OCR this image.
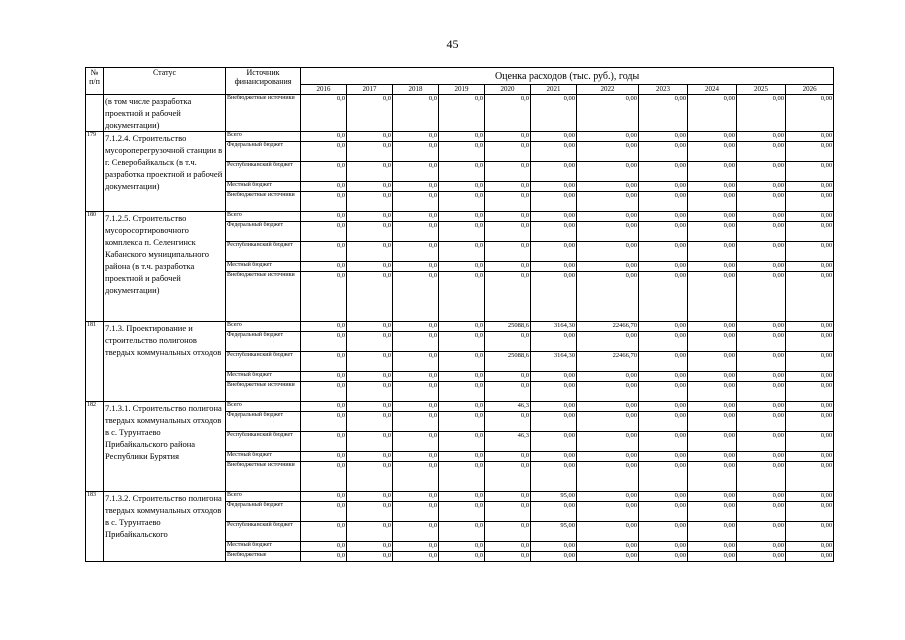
45
№
п/п	Статус	Источник
финансирования	Оценка расходов (тыс. руб.), годы										
			2016	2017	2018	2019	2020	2021	2022	2023	2024	2025	2026
	(в том числе разработка проектной и рабочей документации)	Внебюджетные источники	0,0	0,0	0,0	0,0	0,0	0,00	0,00	0,00	0,00	0,00	0,00
179	7.1.2.4. Строительство мусороперегрузочной станции в г. Северобайкальск (в т.ч. разработка проектной и рабочей документации)	Всего	0,0	0,0	0,0	0,0	0,0	0,00	0,00	0,00	0,00	0,00	0,00
		Федеральный бюджет	0,0	0,0	0,0	0,0	0,0	0,00	0,00	0,00	0,00	0,00	0,00
		Республиканский бюджет	0,0	0,0	0,0	0,0	0,0	0,00	0,00	0,00	0,00	0,00	0,00
		Местный бюджет	0,0	0,0	0,0	0,0	0,0	0,00	0,00	0,00	0,00	0,00	0,00
		Внебюджетные источники	0,0	0,0	0,0	0,0	0,0	0,00	0,00	0,00	0,00	0,00	0,00
180	7.1.2.5. Строительство мусоросортировочного комплекса п. Селенгинск Кабанского муниципального района (в т.ч. разработка проектной и рабочей документации)	Всего	0,0	0,0	0,0	0,0	0,0	0,00	0,00	0,00	0,00	0,00	0,00
		Федеральный бюджет	0,0	0,0	0,0	0,0	0,0	0,00	0,00	0,00	0,00	0,00	0,00
		Республиканский бюджет	0,0	0,0	0,0	0,0	0,0	0,00	0,00	0,00	0,00	0,00	0,00
		Местный бюджет	0,0	0,0	0,0	0,0	0,0	0,00	0,00	0,00	0,00	0,00	0,00
		Внебюджетные источники	0,0	0,0	0,0	0,0	0,0	0,00	0,00	0,00	0,00	0,00	0,00
181	7.1.3. Проектирование и строительство полигонов твердых коммунальных отходов	Всего	0,0	0,0	0,0	0,0	25088,6	3164,30	22466,70	0,00	0,00	0,00	0,00
		Федеральный бюджет	0,0	0,0	0,0	0,0	0,0	0,00	0,00	0,00	0,00	0,00	0,00
		Республиканский бюджет	0,0	0,0	0,0	0,0	25088,6	3164,30	22466,70	0,00	0,00	0,00	0,00
		Местный бюджет	0,0	0,0	0,0	0,0	0,0	0,00	0,00	0,00	0,00	0,00	0,00
		Внебюджетные источники	0,0	0,0	0,0	0,0	0,0	0,00	0,00	0,00	0,00	0,00	0,00
182	7.1.3.1. Строительство полигона твердых коммунальных отходов в с. Турунтаево Прибайкальского района Республики Бурятия	Всего	0,0	0,0	0,0	0,0	46,3	0,00	0,00	0,00	0,00	0,00	0,00
		Федеральный бюджет	0,0	0,0	0,0	0,0	0,0	0,00	0,00	0,00	0,00	0,00	0,00
		Республиканский бюджет	0,0	0,0	0,0	0,0	46,3	0,00	0,00	0,00	0,00	0,00	0,00
		Местный бюджет	0,0	0,0	0,0	0,0	0,0	0,00	0,00	0,00	0,00	0,00	0,00
		Внебюджетные источники	0,0	0,0	0,0	0,0	0,0	0,00	0,00	0,00	0,00	0,00	0,00
183	7.1.3.2. Строительство полигона твердых коммунальных отходов в с. Турунтаево Прибайкальского	Всего	0,0	0,0	0,0	0,0	0,0	95,00	0,00	0,00	0,00	0,00	0,00
		Федеральный бюджет	0,0	0,0	0,0	0,0	0,0	0,00	0,00	0,00	0,00	0,00	0,00
		Республиканский бюджет	0,0	0,0	0,0	0,0	0,0	95,00	0,00	0,00	0,00	0,00	0,00
		Местный бюджет	0,0	0,0	0,0	0,0	0,0	0,00	0,00	0,00	0,00	0,00	0,00
		Внебюджетные	0,0	0,0	0,0	0,0	0,0	0,00	0,00	0,00	0,00	0,00	0,00
